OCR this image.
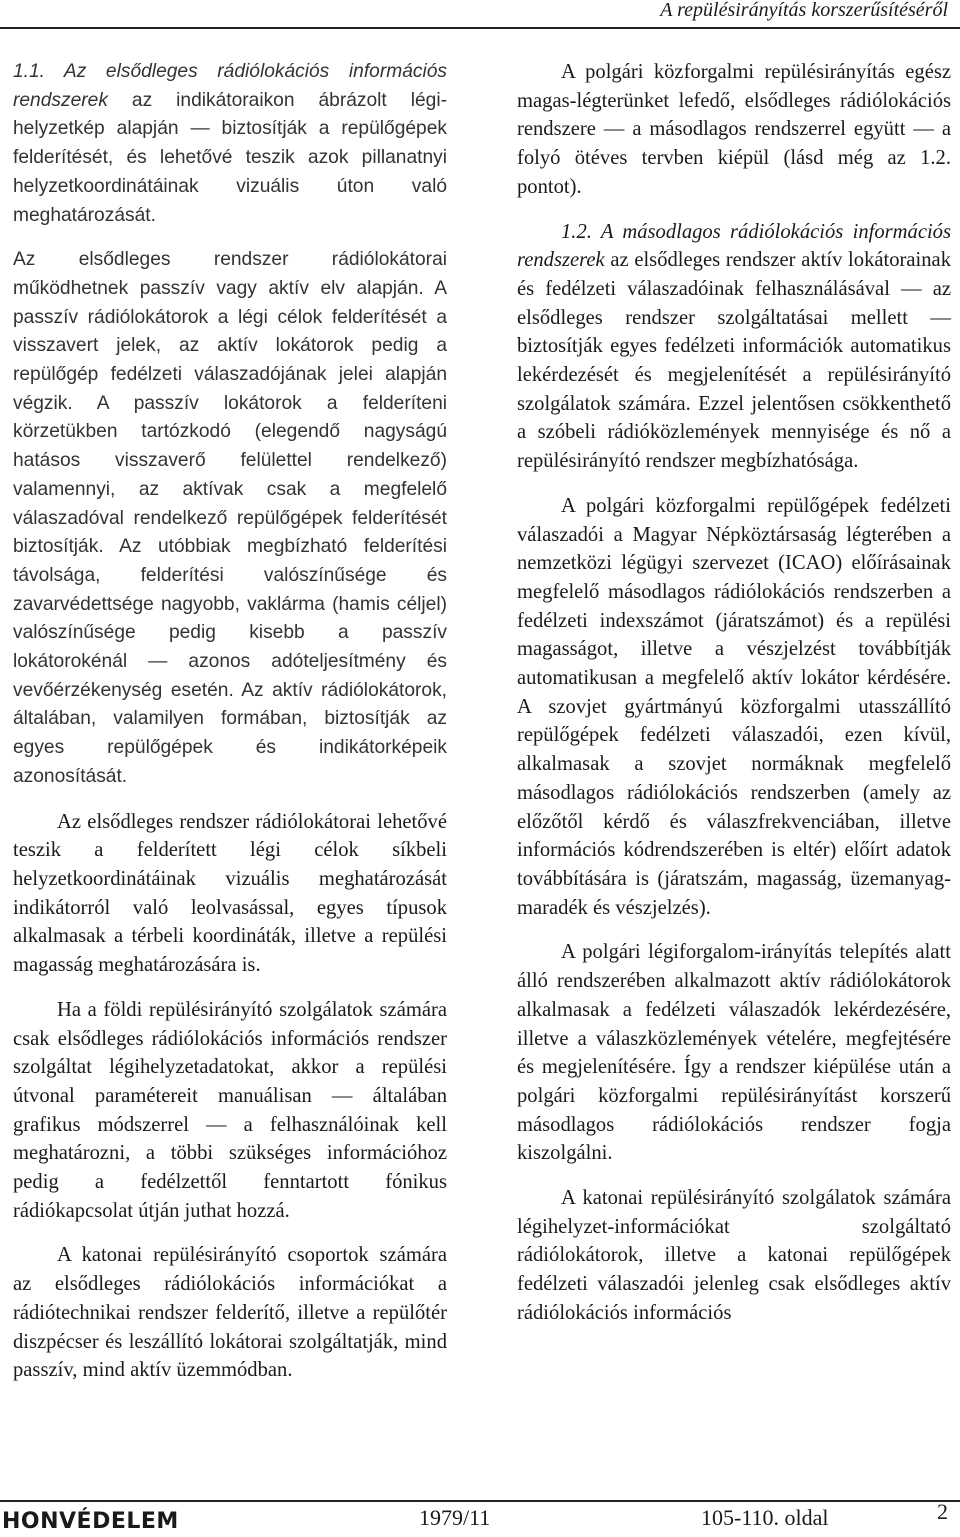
A repülésirányítás korszerűsítéséről

1.1. Az elsődleges rádiólokációs információs rendszerek az indikátoraikon ábrázolt légi-helyzetkép alapján — biztosítják a repülőgépek felderítését, és lehetővé teszik azok pillanatnyi helyzetkoordinátáinak vizuális úton való meghatározását.

Az elsődleges rendszer rádiólokátorai működhetnek passzív vagy aktív elv alapján. A passzív rádiólokátorok a légi célok felderítését a visszavert jelek, az aktív lokátorok pedig a repülőgép fedélzeti válaszadójának jelei alapján végzik. A passzív lokátorok a felderíteni körzetükben tartózkodó (elegendő nagyságú hatásos visszaverő felülettel rendelkező) valamennyi, az aktívak csak a megfelelő válaszadóval rendelkező repülőgépek felderítését biztosítják. Az utóbbiak megbízható felderítési távolsága, felderítési valószínűsége és zavarvédettsége nagyobb, vaklárma (hamis céljel) valószínűsége pedig kisebb a passzív lokátorokénál — azonos adóteljesítmény és vevőérzékenység esetén. Az aktív rádiólokátorok, általában, valamilyen formában, biztosítják az egyes repülőgépek és indikátorképeik azonosítását.

Az elsődleges rendszer rádiólokátorai lehetővé teszik a felderített légi célok síkbeli helyzetkoordinátáinak vizuális meghatározását indikátorról való leolvasással, egyes típusok alkalmasak a térbeli koordináták, illetve a repülési magasság meghatározására is.

Ha a földi repülésirányító szolgálatok számára csak elsődleges rádiólokációs információs rendszer szolgáltat légihelyzetadatokat, akkor a repülési útvonal paramétereit manuálisan — általában grafikus módszerrel — a felhasználóinak kell meghatározni, a többi szükséges információhoz pedig a fedélzettől fenntartott fónikus rádiókapcsolat útján juthat hozzá.

A katonai repülésirányító csoportok számára az elsődleges rádiólokációs információkat a rádiótechnikai rendszer felderítő, illetve a repülőtér diszpécser és leszállító lokátorai szolgáltatják, mind passzív, mind aktív üzemmódban.

A polgári közforgalmi repülésirányítás egész magas-légterünket lefedő, elsődleges rádiólokációs rendszere — a másodlagos rendszerrel együtt — a folyó ötéves tervben kiépül (lásd még az 1.2. pontot).

1.2. A másodlagos rádiólokációs információs rendszerek az elsődleges rendszer aktív lokátorainak és fedélzeti válaszadóinak felhasználásával — az elsődleges rendszer szolgáltatásai mellett — biztosítják egyes fedélzeti információk automatikus lekérdezését és megjelenítését a repülésirányító szolgálatok számára. Ezzel jelentősen csökkenthető a szóbeli rádióközlemények mennyisége és nő a repülésirányító rendszer megbízhatósága.

A polgári közforgalmi repülőgépek fedélzeti válaszadói a Magyar Népköztársaság légterében a nemzetközi légügyi szervezet (ICAO) előírásainak megfelelő másodlagos rádiólokációs rendszerben a fedélzeti indexszámot (járatszámot) és a repülési magasságot, illetve a vészjelzést továbbítják automatikusan a megfelelő aktív lokátor kérdésére. A szovjet gyártmányú közforgalmi utasszállító repülőgépek fedélzeti válaszadói, ezen kívül, alkalmasak a szovjet normáknak megfelelő másodlagos rádiólokációs rendszerben (amely az előzőtől kérdő és válaszfrekvenciában, illetve információs kódrendszerében is eltér) előírt adatok továbbítására is (járatszám, magasság, üzemanyag-maradék és vészjelzés).

A polgári légiforgalom-irányítás telepítés alatt álló rendszerében alkalmazott aktív rádiólokátorok alkalmasak a fedélzeti válaszadók lekérdezésére, illetve a válaszközlemények vételére, megfejtésére és megjelenítésére. Így a rendszer kiépülése után a polgári közforgalmi repülésirányítást korszerű másodlagos rádiólokációs rendszer fogja kiszolgálni.

A katonai repülésirányító szolgálatok számára légihelyzet-információkat szolgáltató rádiólokátorok, illetve a katonai repülőgépek fedélzeti válaszadói jelenleg csak elsődleges aktív rádiólokációs információs

HONVÉDELEM	1979/11	105-110. oldal	2
